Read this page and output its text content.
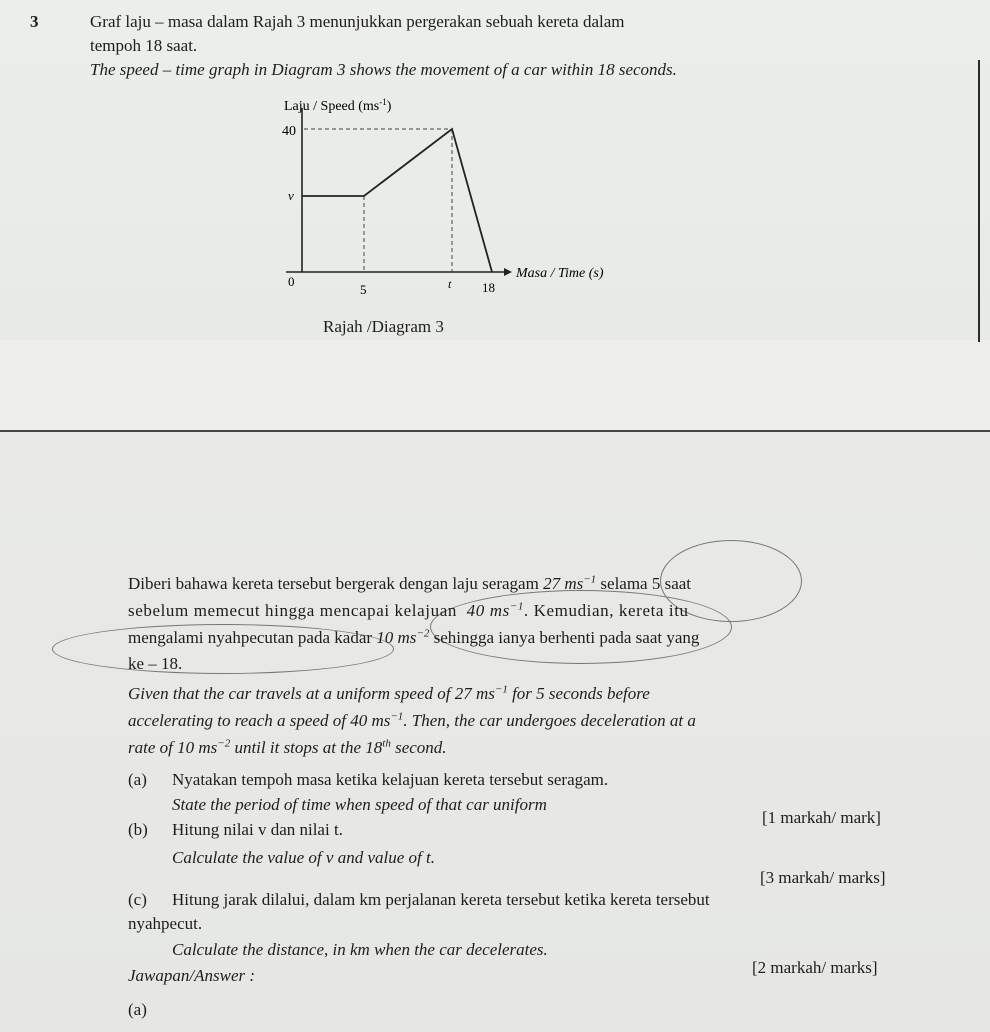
3	Graf laju – masa dalam Rajah 3 menunjukkan pergerakan sebuah kereta dalam
tempoh 18 saat.
The speed – time graph in Diagram 3 shows the movement of a car within 18 seconds.
Laju / Speed $(ms^{-1})$
40
v
0
5	t 18
Masa / Time (s)
Rajah /Diagram 3
Diberi bahawa kereta tersebut bergerak dengan laju seragam 27 $ms^{-1}$ selama 5 saat
sebelum memecut hingga mencapai kelajuan 40 $ms^{-1}$. Kemudian, kereta itu
mengalami nyahpecutan pada kadar 10 $ms^{-2}$ sehingga ianya berhenti pada saat yang
ke – 18.
Given that the car travels at a uniform speed of 27 $ms^{-1}$ for 5 seconds before
accelerating to reach a speed of 40 $ms^{-1}$. Then, the car undergoes deceleration at a
rate of 10 $ms^{-2}$ until it stops at the 18th second.
(a) Nyatakan tempoh masa ketika kelajuan kereta tersebut seragam.
State the period of time when speed of that car uniform
[1 markah/ mark]
(b) Hitung nilai v dan nilai t.
Calculate the value of v and value of t.
[3 markah/ marks]
(c) Hitung jarak dilalui, dalam km perjalanan kereta tersebut ketika kereta tersebut
nyahpecut.
Calculate the distance, in km when the car decelerates.
[2 markah/ marks]
Jawapan/Answer :
(a)
